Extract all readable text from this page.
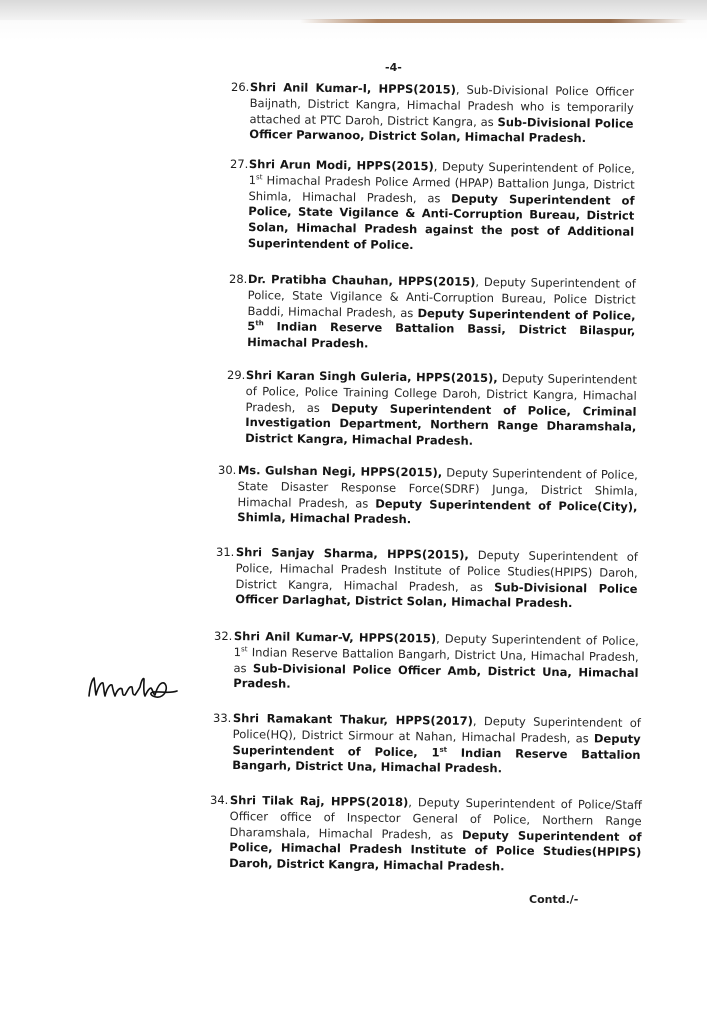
-4-
26. Shri Anil Kumar-I, HPPS(2015), Sub-Divisional Police Officer Baijnath, District Kangra, Himachal Pradesh who is temporarily attached at PTC Daroh, District Kangra, as Sub-Divisional Police Officer Parwanoo, District Solan, Himachal Pradesh.
27. Shri Arun Modi, HPPS(2015), Deputy Superintendent of Police, 1st Himachal Pradesh Police Armed (HPAP) Battalion Junga, District Shimla, Himachal Pradesh, as Deputy Superintendent of Police, State Vigilance & Anti-Corruption Bureau, District Solan, Himachal Pradesh against the post of Additional Superintendent of Police.
28. Dr. Pratibha Chauhan, HPPS(2015), Deputy Superintendent of Police, State Vigilance & Anti-Corruption Bureau, Police District Baddi, Himachal Pradesh, as Deputy Superintendent of Police, 5th Indian Reserve Battalion Bassi, District Bilaspur, Himachal Pradesh.
29. Shri Karan Singh Guleria, HPPS(2015), Deputy Superintendent of Police, Police Training College Daroh, District Kangra, Himachal Pradesh, as Deputy Superintendent of Police, Criminal Investigation Department, Northern Range Dharamshala, District Kangra, Himachal Pradesh.
30. Ms. Gulshan Negi, HPPS(2015), Deputy Superintendent of Police, State Disaster Response Force(SDRF) Junga, District Shimla, Himachal Pradesh, as Deputy Superintendent of Police(City), Shimla, Himachal Pradesh.
31. Shri Sanjay Sharma, HPPS(2015), Deputy Superintendent of Police, Himachal Pradesh Institute of Police Studies(HPIPS) Daroh, District Kangra, Himachal Pradesh, as Sub-Divisional Police Officer Darlaghat, District Solan, Himachal Pradesh.
32. Shri Anil Kumar-V, HPPS(2015), Deputy Superintendent of Police, 1st Indian Reserve Battalion Bangarh, District Una, Himachal Pradesh, as Sub-Divisional Police Officer Amb, District Una, Himachal Pradesh.
33. Shri Ramakant Thakur, HPPS(2017), Deputy Superintendent of Police(HQ), District Sirmour at Nahan, Himachal Pradesh, as Deputy Superintendent of Police, 1st Indian Reserve Battalion Bangarh, District Una, Himachal Pradesh.
34. Shri Tilak Raj, HPPS(2018), Deputy Superintendent of Police/Staff Officer office of Inspector General of Police, Northern Range Dharamshala, Himachal Pradesh, as Deputy Superintendent of Police, Himachal Pradesh Institute of Police Studies(HPIPS) Daroh, District Kangra, Himachal Pradesh.
Contd./-
